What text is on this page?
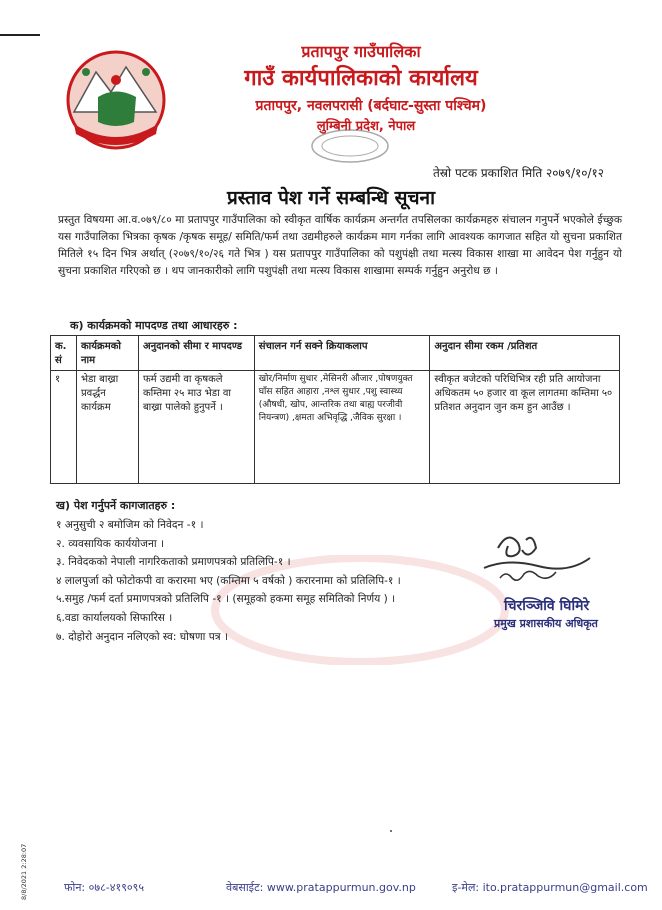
प्रतापपुर गाउँपालिका
गाउँ कार्यपालिकाको कार्यालय
प्रतापपुर, नवलपरासी (बर्दघाट-सुस्ता पश्चिम)
लुम्बिनी प्रदेश, नेपाल
तेस्रो पटक प्रकाशित मिति २०७९/१०/१२
प्रस्ताव पेश गर्ने सम्बन्धि सूचना
प्रस्तुत विषयमा आ.व.०७९/८० मा प्रतापपुर गाउँपालिका को स्वीकृत वार्षिक कार्यक्रम अन्तर्गत तपसिलका कार्यक्रमहरु संचालन गनुपर्ने भएकोले ईच्छुक यस गाउँपालिका भित्रका कृषक /कृषक समूह/ समिति/फर्म तथा उद्यमीहरुले कार्यक्रम माग गर्नका लागि आवश्यक कागजात सहित यो सुचना प्रकाशित मितिले १५ दिन भित्र अर्थात् (२०७९/१०/२६ गते भित्र ) यस प्रतापपुर गाउँपालिका को पशुपंक्षी तथा मत्स्य विकास शाखा मा आवेदन पेश गर्नुहुन यो सुचना प्रकाशित गरिएको छ । थप जानकारीको लागि पशुपंक्षी तथा मत्स्य विकास शाखामा सम्पर्क गर्नुहुन अनुरोध छ ।
क) कार्यक्रमको मापदण्ड तथा आधारहरु :
क. सं	कार्यक्रमको नाम	अनुदानको सीमा र मापदण्ड	संचालन गर्न सक्ने क्रियाकलाप	अनुदान सीमा रकम /प्रतिशत
१	भेडा बाख्रा प्रवर्द्धन कार्यक्रम	फर्म उद्यमी वा कृषकले कम्तिमा २५ माउ भेडा वा बाख्रा पालेको हुनुपर्ने ।	खोर/निर्माण सुधार ,मेसिनरी औजार ,पोषणयुक्त घाँस सहित आहारा ,नश्ल सुधार ,पशु स्वास्थ्य (औषधी, खोप, आन्तरिक तथा बाह्य परजीवी नियन्त्रण) ,क्षमता अभिवृद्धि ,जैविक सुरक्षा ।	स्वीकृत बजेटको परिधिभित्र रही प्रति आयोजना अधिकतम ५० हजार वा कूल लागतमा कम्तिमा ५० प्रतिशत अनुदान जुन कम हुन आउँछ ।
ख) पेश गर्नुपर्ने कागजातहरु :
१ अनुसुची २ बमोजिम को निवेदन -१ ।
२. व्यवसायिक कार्ययोजना ।
३. निवेदकको नेपाली नागरिकताको प्रमाणपत्रको प्रतिलिपि-१ ।
४ लालपुर्जा को फोटोकपी वा करारमा भए (कम्तिमा ५ वर्षको ) करारनामा को प्रतिलिपि-१ ।
५.समुह /फर्म दर्ता प्रमाणपत्रको प्रतिलिपि -१ । (समूहको हकमा समूह समितिको निर्णय ) ।
६.वडा कार्यालयको सिफारिस ।
७. दोहोरो अनुदान नलिएको स्व: घोषणा पत्र ।
चिरञ्जिवि घिमिरे
प्रमुख प्रशासकीय अधिकृत
8/8/2021 2:28:07	फोन: ०७८-४१९०९५	वेबसाईट: www.pratappurmun.gov.np	इ-मेल: ito.pratappurmun@gmail.com
